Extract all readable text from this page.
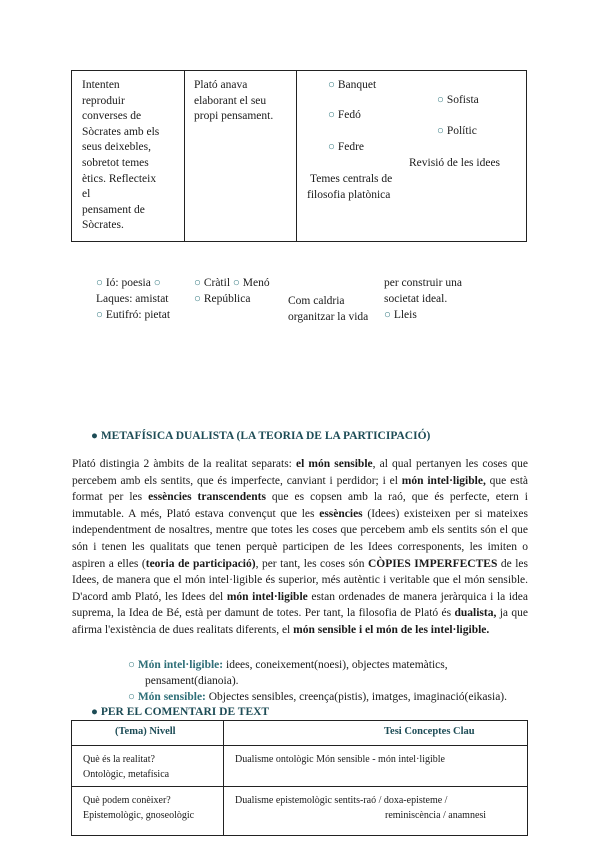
Intenten
reproduir
converses de
Sòcrates amb els
seus deixebles,
sobretot temes
ètics. Reflecteix
el
pensament de
Sòcrates.
Plató anava
elaborant el seu
propi pensament.
○ Banquet
○ Fedó
○ Fedre
Temes centrals de
filosofia platònica
○ Sofista
○ Polític
Revisió de les idees
○ Ió: poesia ○
Laques: amistat
○ Eutifró: pietat
○ Cràtil ○ Menó
○ República	Com caldria
organitzar la vida
per construir una
societat ideal.
○ Lleis
● METAFÍSICA DUALISTA (LA TEORIA DE LA PARTICIPACIÓ)
Plató distingia 2 àmbits de la realitat separats: el món sensible, al qual pertanyen les coses que percebem amb els sentits, que és imperfecte, canviant i perdidor; i el món intel·ligible, que està format per les essències transcendents que es copsen amb la raó, que és perfecte, etern i immutable. A més, Plató estava convençut que les essències (Idees) existeixen per si mateixes independentment de nosaltres, mentre que totes les coses que percebem amb els sentits són el que són i tenen les qualitats que tenen perquè participen de les Idees corresponents, les imiten o aspiren a elles (teoria de participació), per tant, les coses són CÒPIES IMPERFECTES de les Idees, de manera que el món intel·ligible és superior, més autèntic i veritable que el món sensible. D'acord amb Plató, les Idees del món intel·ligible estan ordenades de manera jeràrquica i la idea suprema, la Idea de Bé, està per damunt de totes. Per tant, la filosofia de Plató és dualista, ja que afirma l'existència de dues realitats diferents, el món sensible i el món de les intel·ligible.
○ Món intel·ligible: idees, coneixement(noesi), objectes matemàtics,
pensament(dianoia).
○ Món sensible: Objectes sensibles, creença(pistis), imatges, imaginació(eikasia).
● PER EL COMENTARI DE TEXT
(Tema) Nivell	Tesi Conceptes Clau
Què és la realitat?
Ontològic, metafísica
Dualisme ontològic Món sensible - món intel·ligible
Què podem conèixer?
Epistemològic, gnoseològic
Dualisme epistemològic sentits-raó / doxa-episteme /
reminiscència / anamnesi
